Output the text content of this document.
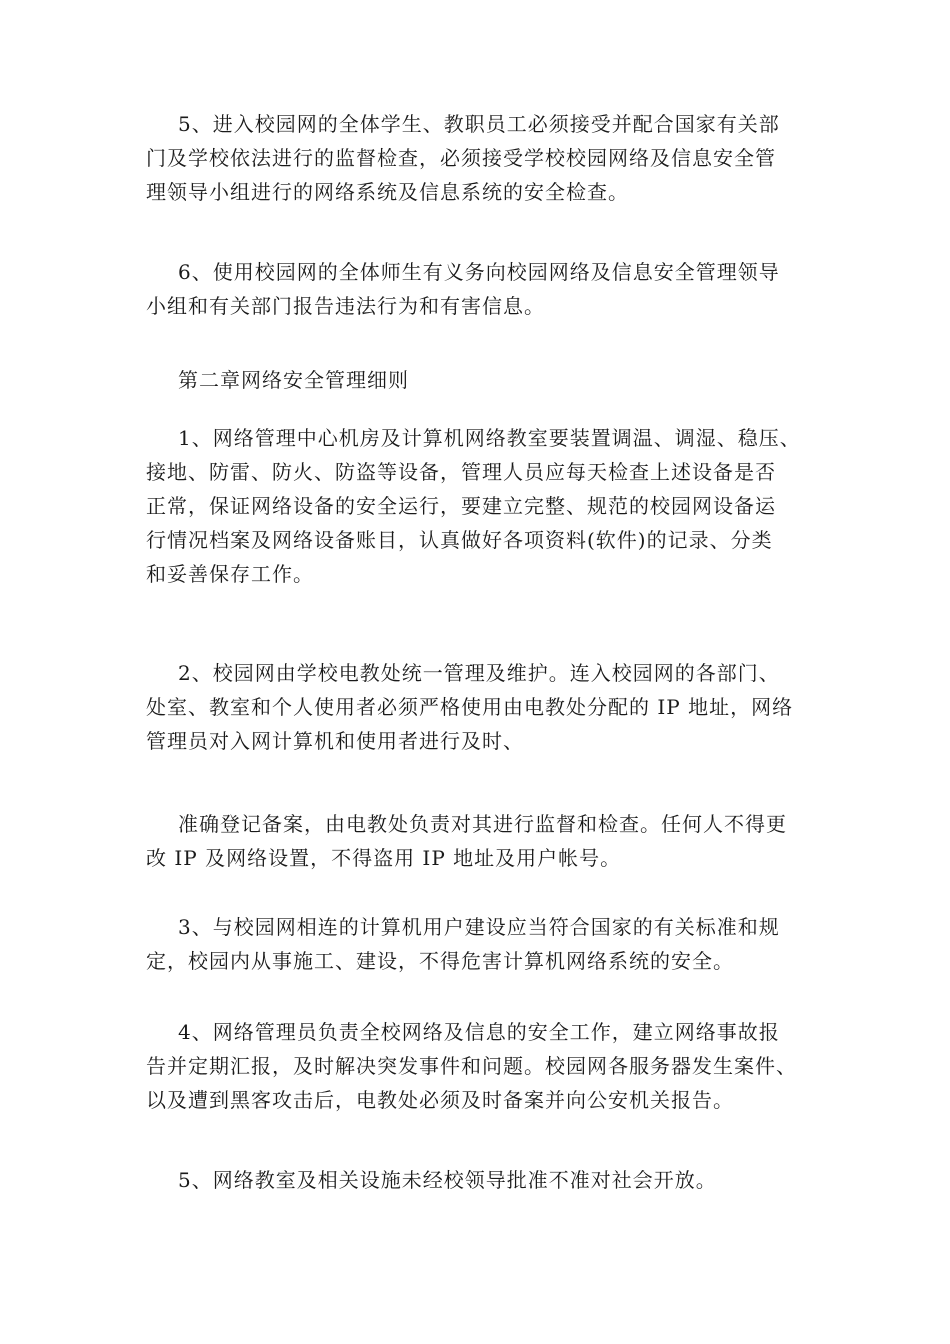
5、进入校园网的全体学生、教职员工必须接受并配合国家有关部
门及学校依法进行的监督检查，必须接受学校校园网络及信息安全管
理领导小组进行的网络系统及信息系统的安全检查。
6、使用校园网的全体师生有义务向校园网络及信息安全管理领导
小组和有关部门报告违法行为和有害信息。
第二章网络安全管理细则
1、网络管理中心机房及计算机网络教室要装置调温、调湿、稳压、
接地、防雷、防火、防盗等设备，管理人员应每天检查上述设备是否
正常，保证网络设备的安全运行，要建立完整、规范的校园网设备运
行情况档案及网络设备账目，认真做好各项资料(软件)的记录、分类
和妥善保存工作。
2、校园网由学校电教处统一管理及维护。连入校园网的各部门、
处室、教室和个人使用者必须严格使用由电教处分配的 IP 地址，网络
管理员对入网计算机和使用者进行及时、
准确登记备案，由电教处负责对其进行监督和检查。任何人不得更
改 IP 及网络设置，不得盗用 IP 地址及用户帐号。
3、与校园网相连的计算机用户建设应当符合国家的有关标准和规
定，校园内从事施工、建设，不得危害计算机网络系统的安全。
4、网络管理员负责全校网络及信息的安全工作，建立网络事故报
告并定期汇报，及时解决突发事件和问题。校园网各服务器发生案件、
以及遭到黑客攻击后，电教处必须及时备案并向公安机关报告。
5、网络教室及相关设施未经校领导批准不准对社会开放。
